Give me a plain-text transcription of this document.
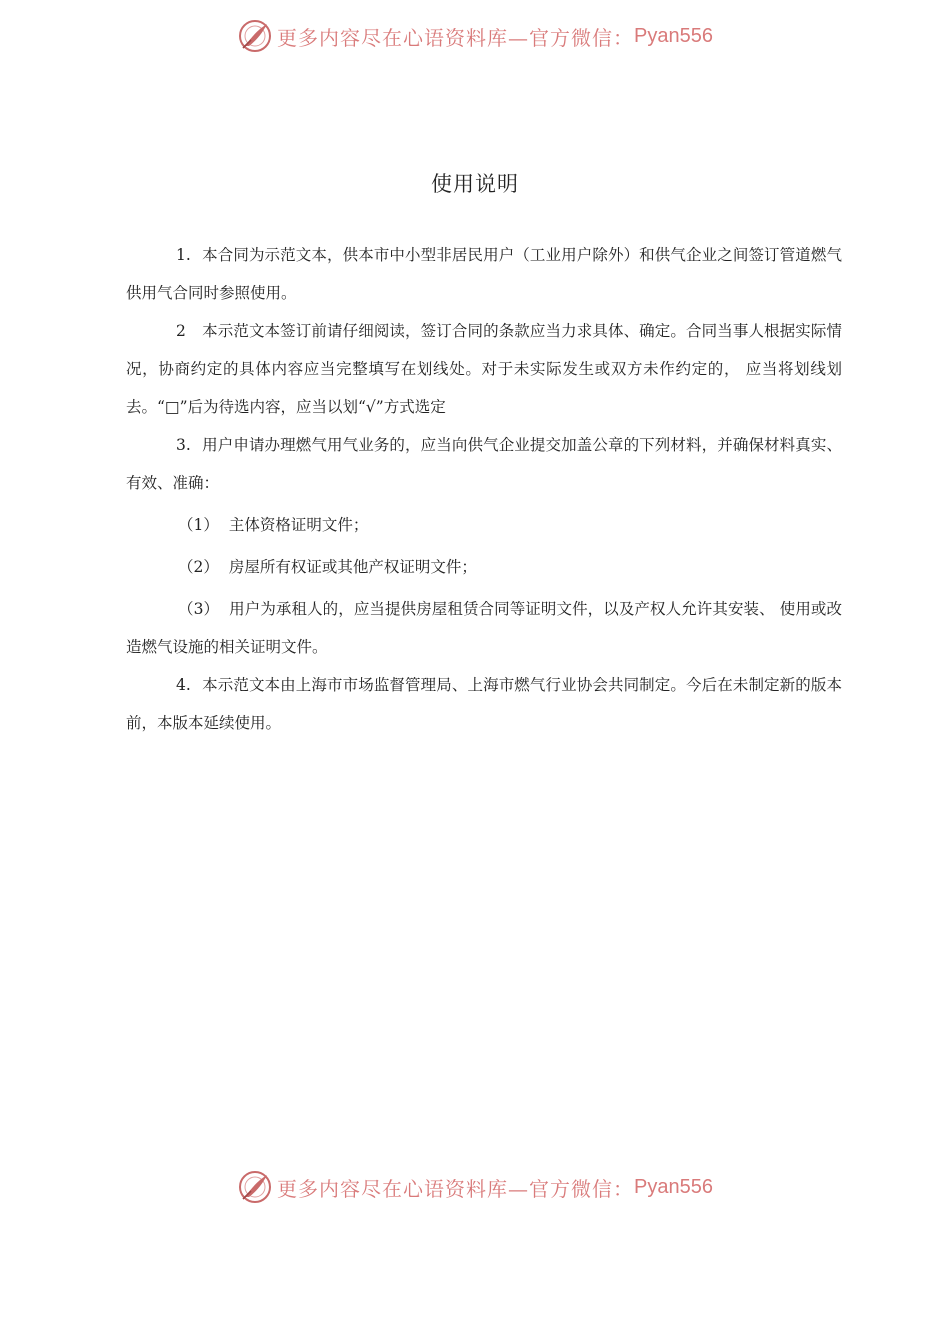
更多内容尽在心语资料库—官方微信： Pyan556
使用说明

1. 本合同为示范文本，供本市中小型非居民用户（工业用户除外）和供气企业之间签订管道燃气供用气合同时参照使用。

2 本示范文本签订前请仔细阅读，签订合同的条款应当力求具体、确定。合同当事人根据实际情况，协商约定的具体内容应当完整填写在划线处。对于未实际发生或双方未作约定的， 应当将划线划去。“□”后为待选内容，应当以划“√”方式选定

3. 用户申请办理燃气用气业务的，应当向供气企业提交加盖公章的下列材料，并确保材料真实、有效、准确：

（1） 主体资格证明文件；

（2） 房屋所有权证或其他产权证明文件；

（3） 用户为承租人的，应当提供房屋租赁合同等证明文件，以及产权人允许其安装、 使用或改造燃气设施的相关证明文件。

4. 本示范文本由上海市市场监督管理局、上海市燃气行业协会共同制定。今后在未制定新的版本前，本版本延续使用。

更多内容尽在心语资料库—官方微信： Pyan556
